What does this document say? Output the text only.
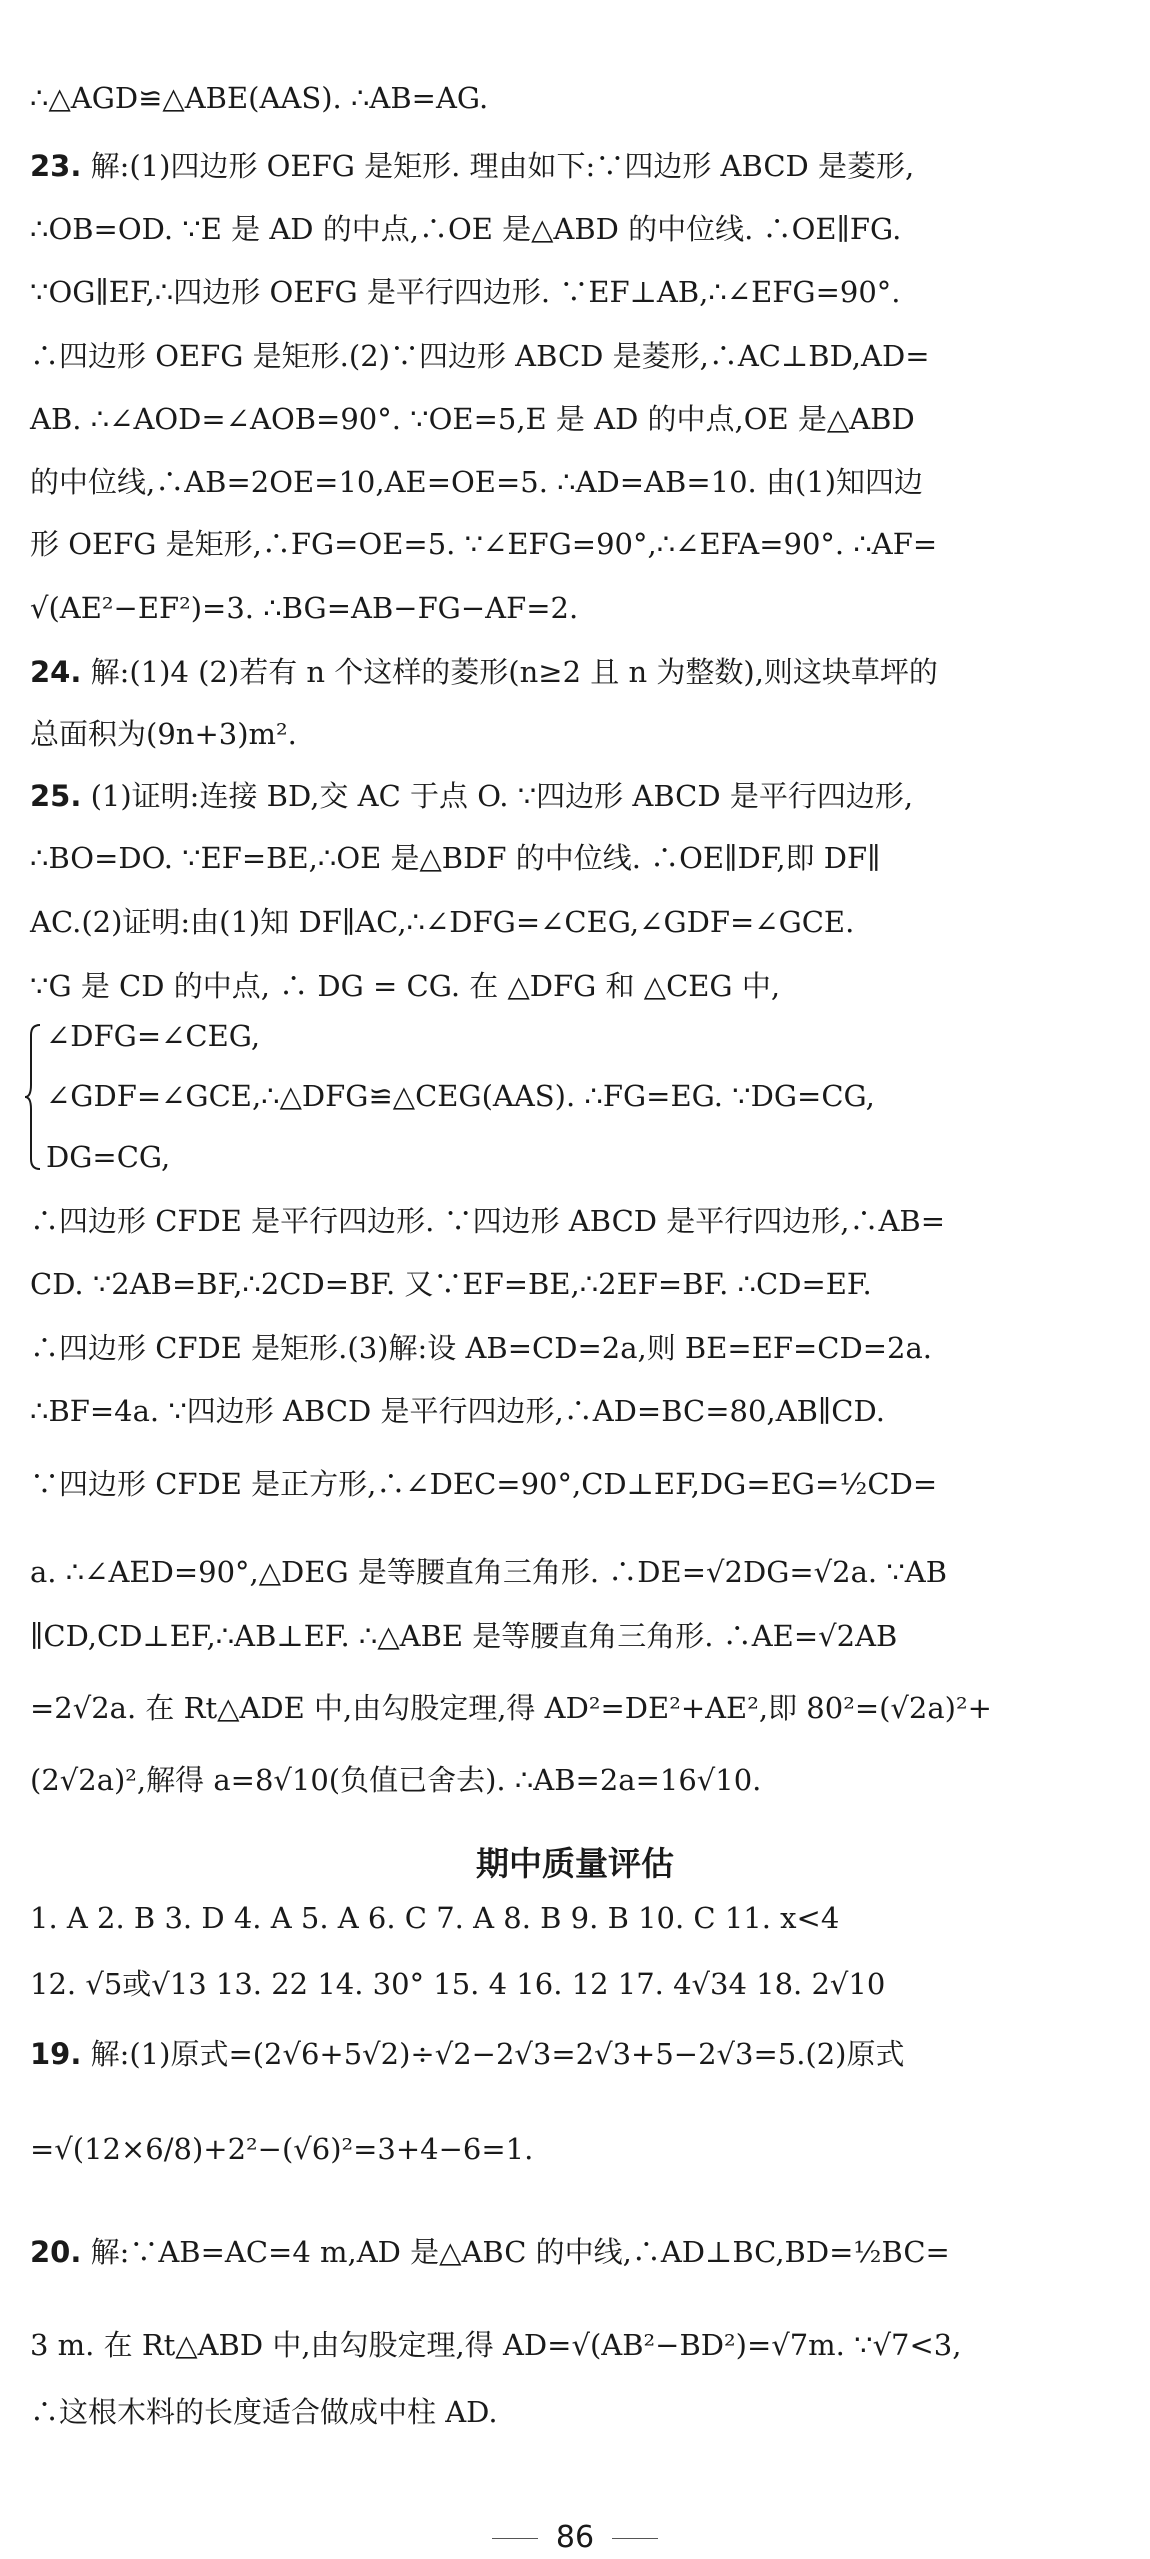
∴△AGD≌△ABE(AAS). ∴AB=AG.
23. 解:(1)四边形 OEFG 是矩形. 理由如下:∵四边形 ABCD 是菱形,
∴OB=OD. ∵E 是 AD 的中点,∴OE 是△ABD 的中位线. ∴OE∥FG.
∵OG∥EF,∴四边形 OEFG 是平行四边形. ∵EF⊥AB,∴∠EFG=90°.
∴四边形 OEFG 是矩形.(2)∵四边形 ABCD 是菱形,∴AC⊥BD,AD=
AB. ∴∠AOD=∠AOB=90°. ∵OE=5,E 是 AD 的中点,OE 是△ABD
的中位线,∴AB=2OE=10,AE=OE=5. ∴AD=AB=10. 由(1)知四边
形 OEFG 是矩形,∴FG=OE=5. ∵∠EFG=90°,∴∠EFA=90°. ∴AF=
√(AE²−EF²)=3. ∴BG=AB−FG−AF=2.
24. 解:(1)4 (2)若有 n 个这样的菱形(n≥2 且 n 为整数),则这块草坪的
总面积为(9n+3)m².
25. (1)证明:连接 BD,交 AC 于点 O. ∵四边形 ABCD 是平行四边形,
∴BO=DO. ∵EF=BE,∴OE 是△BDF 的中位线. ∴OE∥DF,即 DF∥
AC.(2)证明:由(1)知 DF∥AC,∴∠DFG=∠CEG,∠GDF=∠GCE.
∵G 是 CD 的中点, ∴ DG = CG. 在 △DFG 和 △CEG 中,
∠DFG=∠CEG,
∠GDF=∠GCE,∴△DFG≌△CEG(AAS). ∴FG=EG. ∵DG=CG,
DG=CG,
∴四边形 CFDE 是平行四边形. ∵四边形 ABCD 是平行四边形,∴AB=
CD. ∵2AB=BF,∴2CD=BF. 又∵EF=BE,∴2EF=BF. ∴CD=EF.
∴四边形 CFDE 是矩形.(3)解:设 AB=CD=2a,则 BE=EF=CD=2a.
∴BF=4a. ∵四边形 ABCD 是平行四边形,∴AD=BC=80,AB∥CD.
∵四边形 CFDE 是正方形,∴∠DEC=90°,CD⊥EF,DG=EG=½CD=
a. ∴∠AED=90°,△DEG 是等腰直角三角形. ∴DE=√2DG=√2a. ∵AB
∥CD,CD⊥EF,∴AB⊥EF. ∴△ABE 是等腰直角三角形. ∴AE=√2AB
=2√2a. 在 Rt△ADE 中,由勾股定理,得 AD²=DE²+AE²,即 80²=(√2a)²+
(2√2a)²,解得 a=8√10(负值已舍去). ∴AB=2a=16√10.
期中质量评估
1. A 2. B 3. D 4. A 5. A 6. C 7. A 8. B 9. B 10. C 11. x<4
12. √5或√13 13. 22 14. 30° 15. 4 16. 12 17. 4√34 18. 2√10
19. 解:(1)原式=(2√6+5√2)÷√2−2√3=2√3+5−2√3=5.(2)原式
=√(12×6/8)+2²−(√6)²=3+4−6=1.
20. 解:∵AB=AC=4 m,AD 是△ABC 的中线,∴AD⊥BC,BD=½BC=
3 m. 在 Rt△ABD 中,由勾股定理,得 AD=√(AB²−BD²)=√7m. ∵√7<3,
∴这根木料的长度适合做成中柱 AD.
86
